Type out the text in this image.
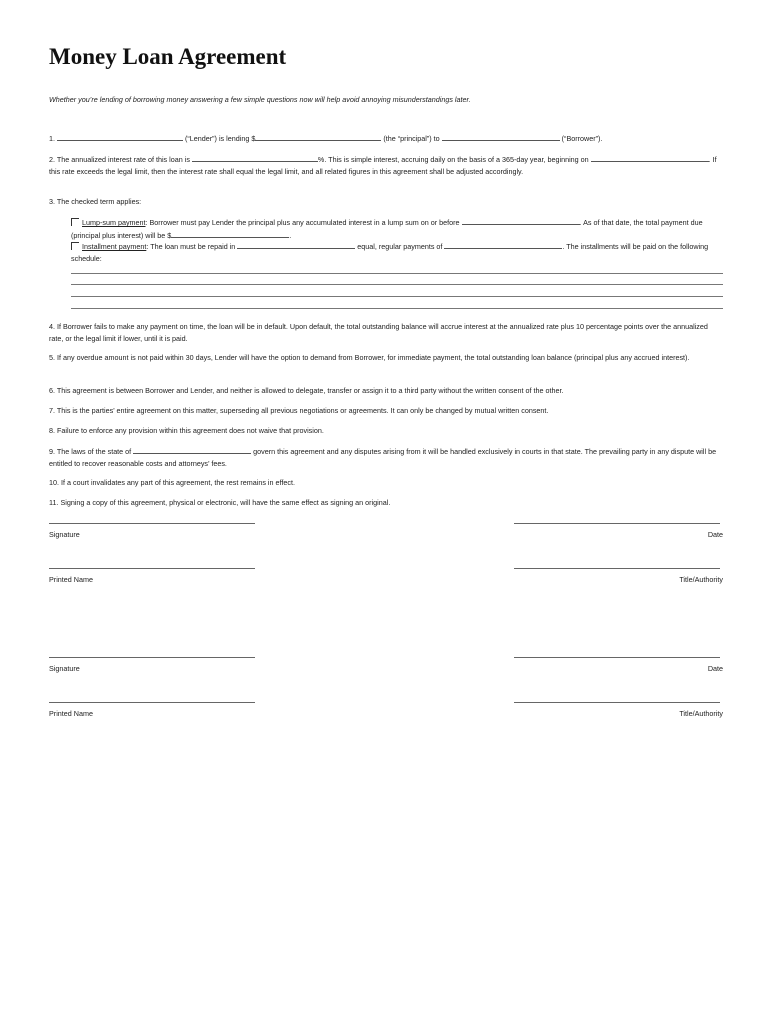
Money Loan Agreement
Whether you’re lending of borrowing money answering a few simple questions now will help avoid annoying misunderstandings later.
1.	(“Lender”) is lending $	(the “principal”) to	(“Borrower”).
2. The annualized interest rate of this loan is	%. This is simple interest, accruing daily on the basis of a 365-day year, beginning on	. If this rate exceeds the legal limit, then the interest rate shall equal the legal limit, and all related figures in this agreement shall be adjusted accordingly.
3. The checked term applies:
Lump-sum payment: Borrower must pay Lender the principal plus any accumulated interest in a lump sum on or before	. As of that date, the total payment due (principal plus interest) will be $	.
Installment payment: The loan must be repaid in	equal, regular payments of	. The installments will be paid on the following schedule:
4. If Borrower fails to make any payment on time, the loan will be in default. Upon default, the total outstanding balance will accrue interest at the annualized rate plus 10 percentage points over the annualized rate, or the legal limit if lower, until it is paid.
5. If any overdue amount is not paid within 30 days, Lender will have the option to demand from Borrower, for immediate payment, the total outstanding loan balance (principal plus any accrued interest).
6. This agreement is between Borrower and Lender, and neither is allowed to delegate, transfer or assign it to a third party without the written consent of the other.
7. This is the parties’ entire agreement on this matter, superseding all previous negotiations or agreements. It can only be changed by mutual written consent.
8. Failure to enforce any provision within this agreement does not waive that provision.
9. The laws of the state of	govern this agreement and any disputes arising from it will be handled exclusively in courts in that state. The prevailing party in any dispute will be entitled to recover reasonable costs and attorneys’ fees.
10. If a court invalidates any part of this agreement, the rest remains in effect.
11. Signing a copy of this agreement, physical or electronic, will have the same effect as signing an original.
Signature	Date
Printed Name	Title/Authority
Signature	Date
Printed Name	Title/Authority
